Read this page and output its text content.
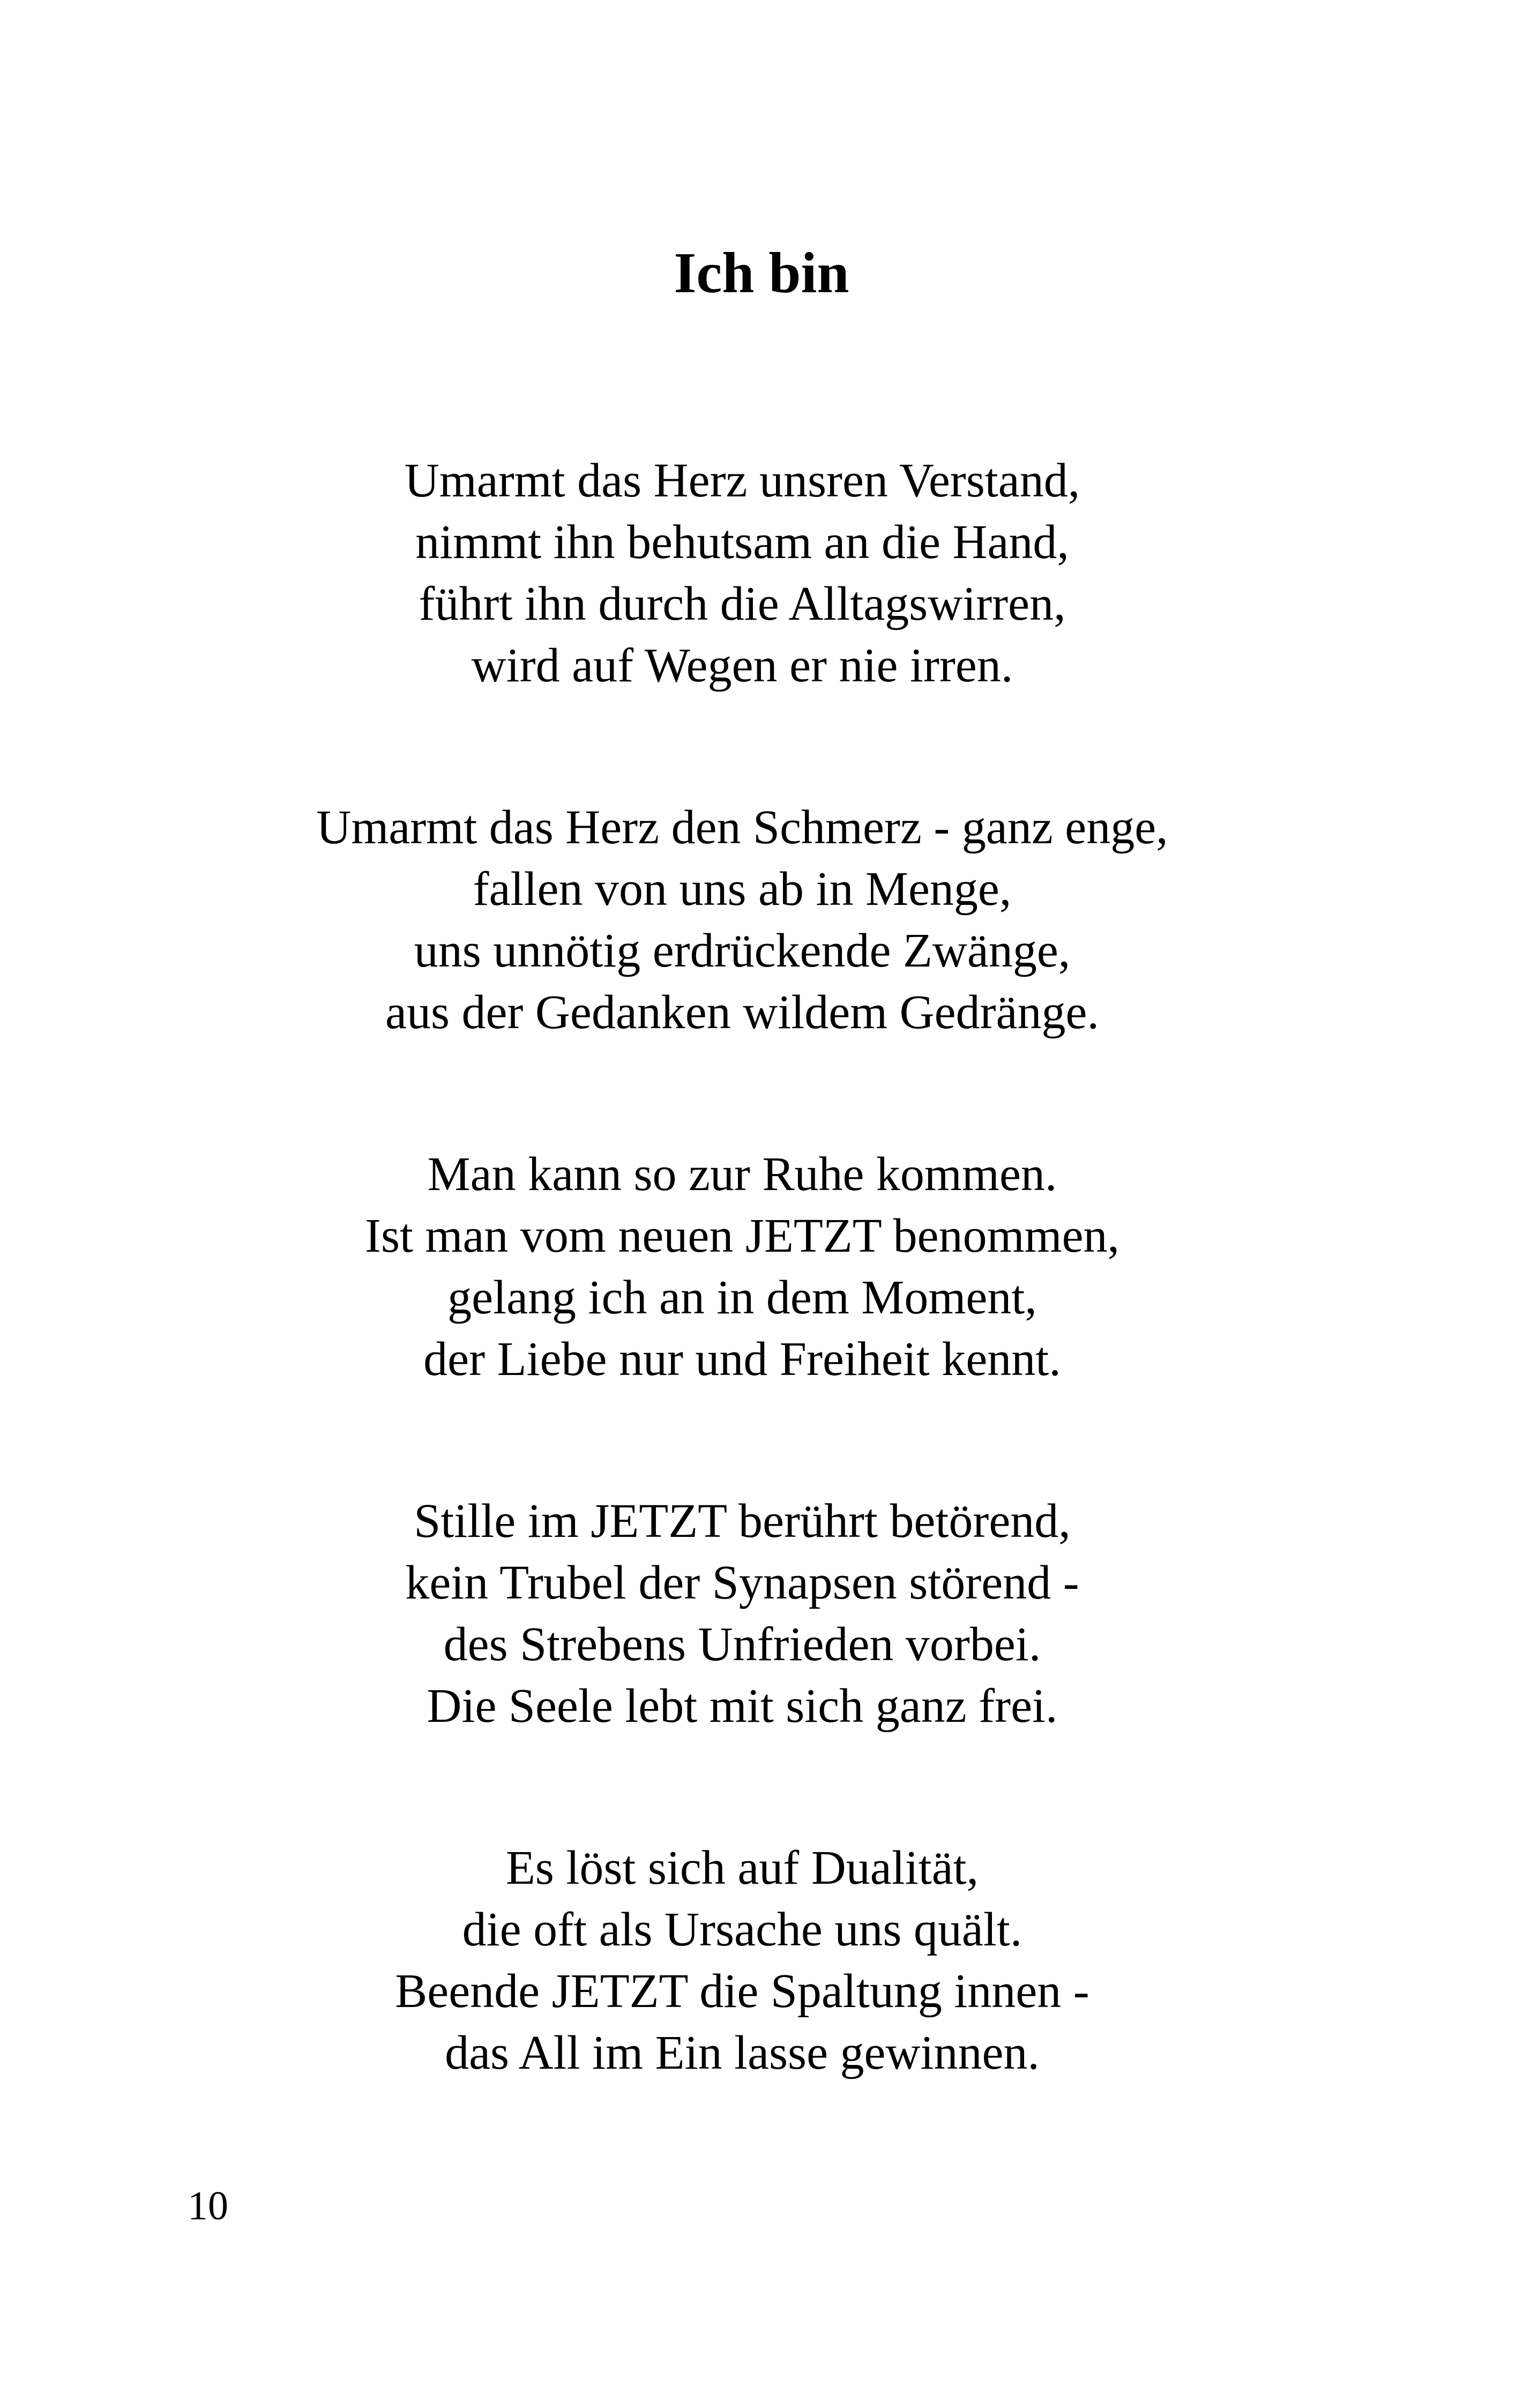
Ich bin
Umarmt das Herz unsren Verstand,
nimmt ihn behutsam an die Hand,
führt ihn durch die Alltagswirren,
wird auf Wegen er nie irren.
Umarmt das Herz den Schmerz - ganz enge,
fallen von uns ab in Menge,
uns unnötig erdrückende Zwänge,
aus der Gedanken wildem Gedränge.
Man kann so zur Ruhe kommen.
Ist man vom neuen JETZT benommen,
gelang ich an in dem Moment,
der Liebe nur und Freiheit kennt.
Stille im JETZT berührt betörend,
kein Trubel der Synapsen störend -
des Strebens Unfrieden vorbei.
Die Seele lebt mit sich ganz frei.
Es löst sich auf Dualität,
die oft als Ursache uns quält.
Beende JETZT die Spaltung innen -
das All im Ein lasse gewinnen.
10
